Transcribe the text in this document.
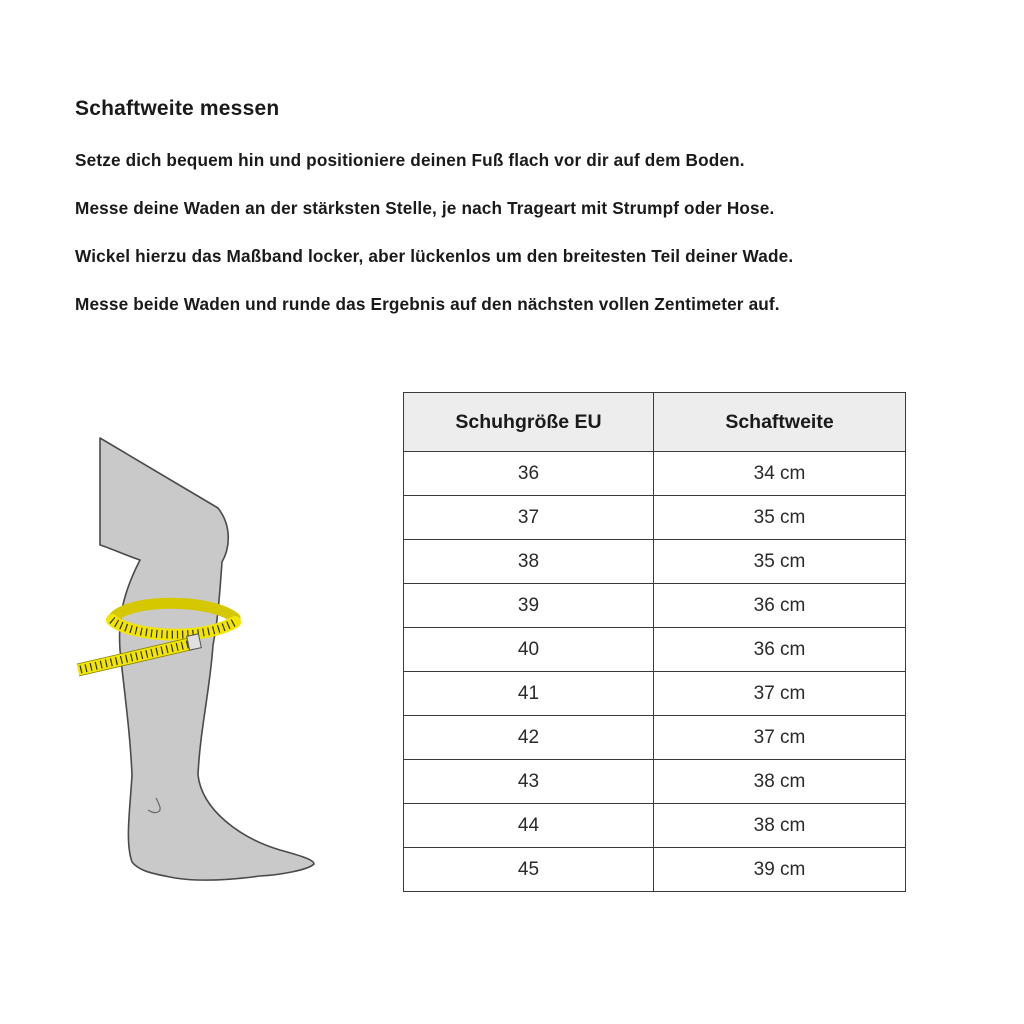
Schaftweite messen
Setze dich bequem hin und positioniere deinen Fuß flach vor dir auf dem Boden.
Messe deine Waden an der stärksten Stelle, je nach Trageart mit Strumpf oder Hose.
Wickel hierzu das Maßband locker, aber lückenlos um den breitesten Teil deiner Wade.
Messe beide Waden und runde das Ergebnis auf den nächsten vollen Zentimeter auf.
Schuhgröße EU	Schaftweite
36	34 cm
37	35 cm
38	35 cm
39	36 cm
40	36 cm
41	37 cm
42	37 cm
43	38 cm
44	38 cm
45	39 cm
